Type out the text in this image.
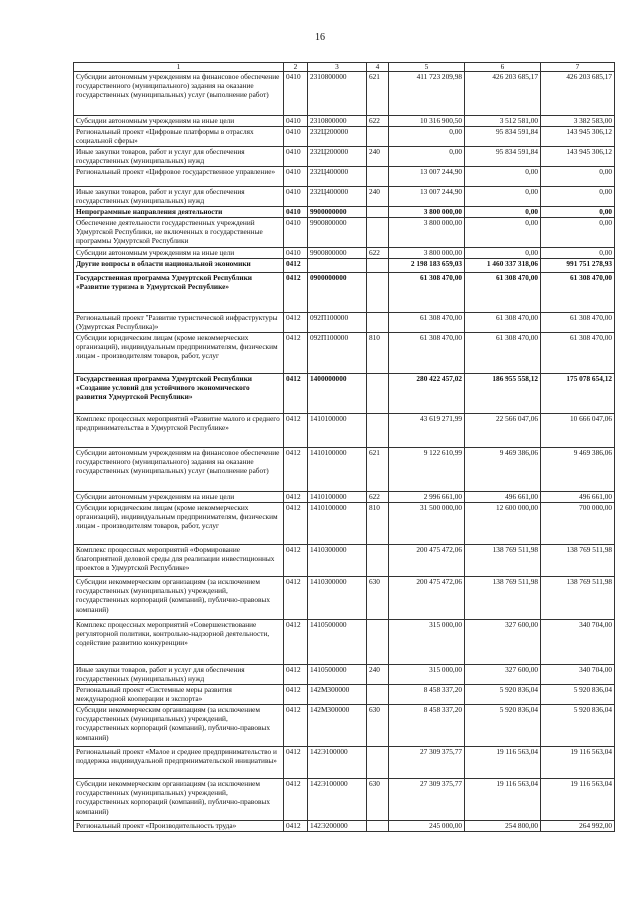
16
1	2	3	4	5	6	7
Субсидии автономным учреждениям на финансовое обеспечение государственного (муниципального) задания на оказание государственных (муниципальных) услуг (выполнение работ)	0410	2310800000	621	411 723 209,98	426 203 685,17	426 203 685,17
Субсидии автономным учреждениям на иные цели	0410	2310800000	622	10 316 900,50	3 512 581,00	3 382 583,00
Региональный проект «Цифровые платформы в отраслях социальной сферы»	0410	232Ц200000		0,00	95 834 591,84	143 945 306,12
Иные закупки товаров, работ и услуг для обеспечения государственных (муниципальных) нужд	0410	232Ц200000	240	0,00	95 834 591,84	143 945 306,12
Региональный проект «Цифровое государственное управление»	0410	232Ц400000		13 007 244,90	0,00	0,00
Иные закупки товаров, работ и услуг для обеспечения государственных (муниципальных) нужд	0410	232Ц400000	240	13 007 244,90	0,00	0,00
Непрограммные направления деятельности	0410	9900000000		3 800 000,00	0,00	0,00
Обеспечение деятельности государственных учреждений Удмуртской Республики, не включенных в государственные программы Удмуртской Республики	0410	9900800000		3 800 000,00	0,00	0,00
Субсидии автономным учреждениям на иные цели	0410	9900800000	622	3 800 000,00	0,00	0,00
Другие вопросы в области национальной экономики	0412			2 198 183 659,03	1 460 337 318,06	991 751 278,93
Государственная программа Удмуртской Республики «Развитие туризма в Удмуртской Республике»	0412	0900000000		61 308 470,00	61 308 470,00	61 308 470,00
Региональный проект "Развитие туристической инфраструктуры (Удмуртская Республика)»	0412	092П100000		61 308 470,00	61 308 470,00	61 308 470,00
Субсидии юридическим лицам (кроме некоммерческих организаций), индивидуальным предпринимателям, физическим лицам - производителям товаров, работ, услуг	0412	092П100000	810	61 308 470,00	61 308 470,00	61 308 470,00
Государственная программа Удмуртской Республики «Создание условий для устойчивого экономического развития Удмуртской Республики»	0412	1400000000		280 422 457,02	186 955 558,12	175 078 654,12
Комплекс процессных мероприятий «Развитие малого и среднего предпринимательства в Удмуртской Республике»	0412	1410100000		43 619 271,99	22 566 047,06	10 666 047,06
Субсидии автономным учреждениям на финансовое обеспечение государственного (муниципального) задания на оказание государственных (муниципальных) услуг (выполнение работ)	0412	1410100000	621	9 122 610,99	9 469 386,06	9 469 386,06
Субсидии автономным учреждениям на иные цели	0412	1410100000	622	2 996 661,00	496 661,00	496 661,00
Субсидии юридическим лицам (кроме некоммерческих организаций), индивидуальным предпринимателям, физическим лицам - производителям товаров, работ, услуг	0412	1410100000	810	31 500 000,00	12 600 000,00	700 000,00
Комплекс процессных мероприятий «Формирование благоприятной деловой среды для реализации инвестиционных проектов в Удмуртской Республике»	0412	1410300000		200 475 472,06	138 769 511,98	138 769 511,98
Субсидии некоммерческим организациям (за исключением государственных (муниципальных) учреждений, государственных корпораций (компаний), публично-правовых компаний)	0412	1410300000	630	200 475 472,06	138 769 511,98	138 769 511,98
Комплекс процессных мероприятий «Совершенствование регуляторной политики, контрольно-надзорной деятельности, содействие развитию конкуренции»	0412	1410500000		315 000,00	327 600,00	340 704,00
Иные закупки товаров, работ и услуг для обеспечения государственных (муниципальных) нужд	0412	1410500000	240	315 000,00	327 600,00	340 704,00
Региональный проект «Системные меры развития международной кооперации и экспорта»	0412	142М300000		8 458 337,20	5 920 836,04	5 920 836,04
Субсидии некоммерческим организациям (за исключением государственных (муниципальных) учреждений, государственных корпораций (компаний), публично-правовых компаний)	0412	142М300000	630	8 458 337,20	5 920 836,04	5 920 836,04
Региональный проект «Малое и среднее предпринимательство и поддержка индивидуальной предпринимательской инициативы»	0412	142Э100000		27 309 375,77	19 116 563,04	19 116 563,04
Субсидии некоммерческим организациям (за исключением государственных (муниципальных) учреждений, государственных корпораций (компаний), публично-правовых компаний)	0412	142Э100000	630	27 309 375,77	19 116 563,04	19 116 563,04
Региональный проект «Производительность труда»	0412	142Э200000		245 000,00	254 800,00	264 992,00
